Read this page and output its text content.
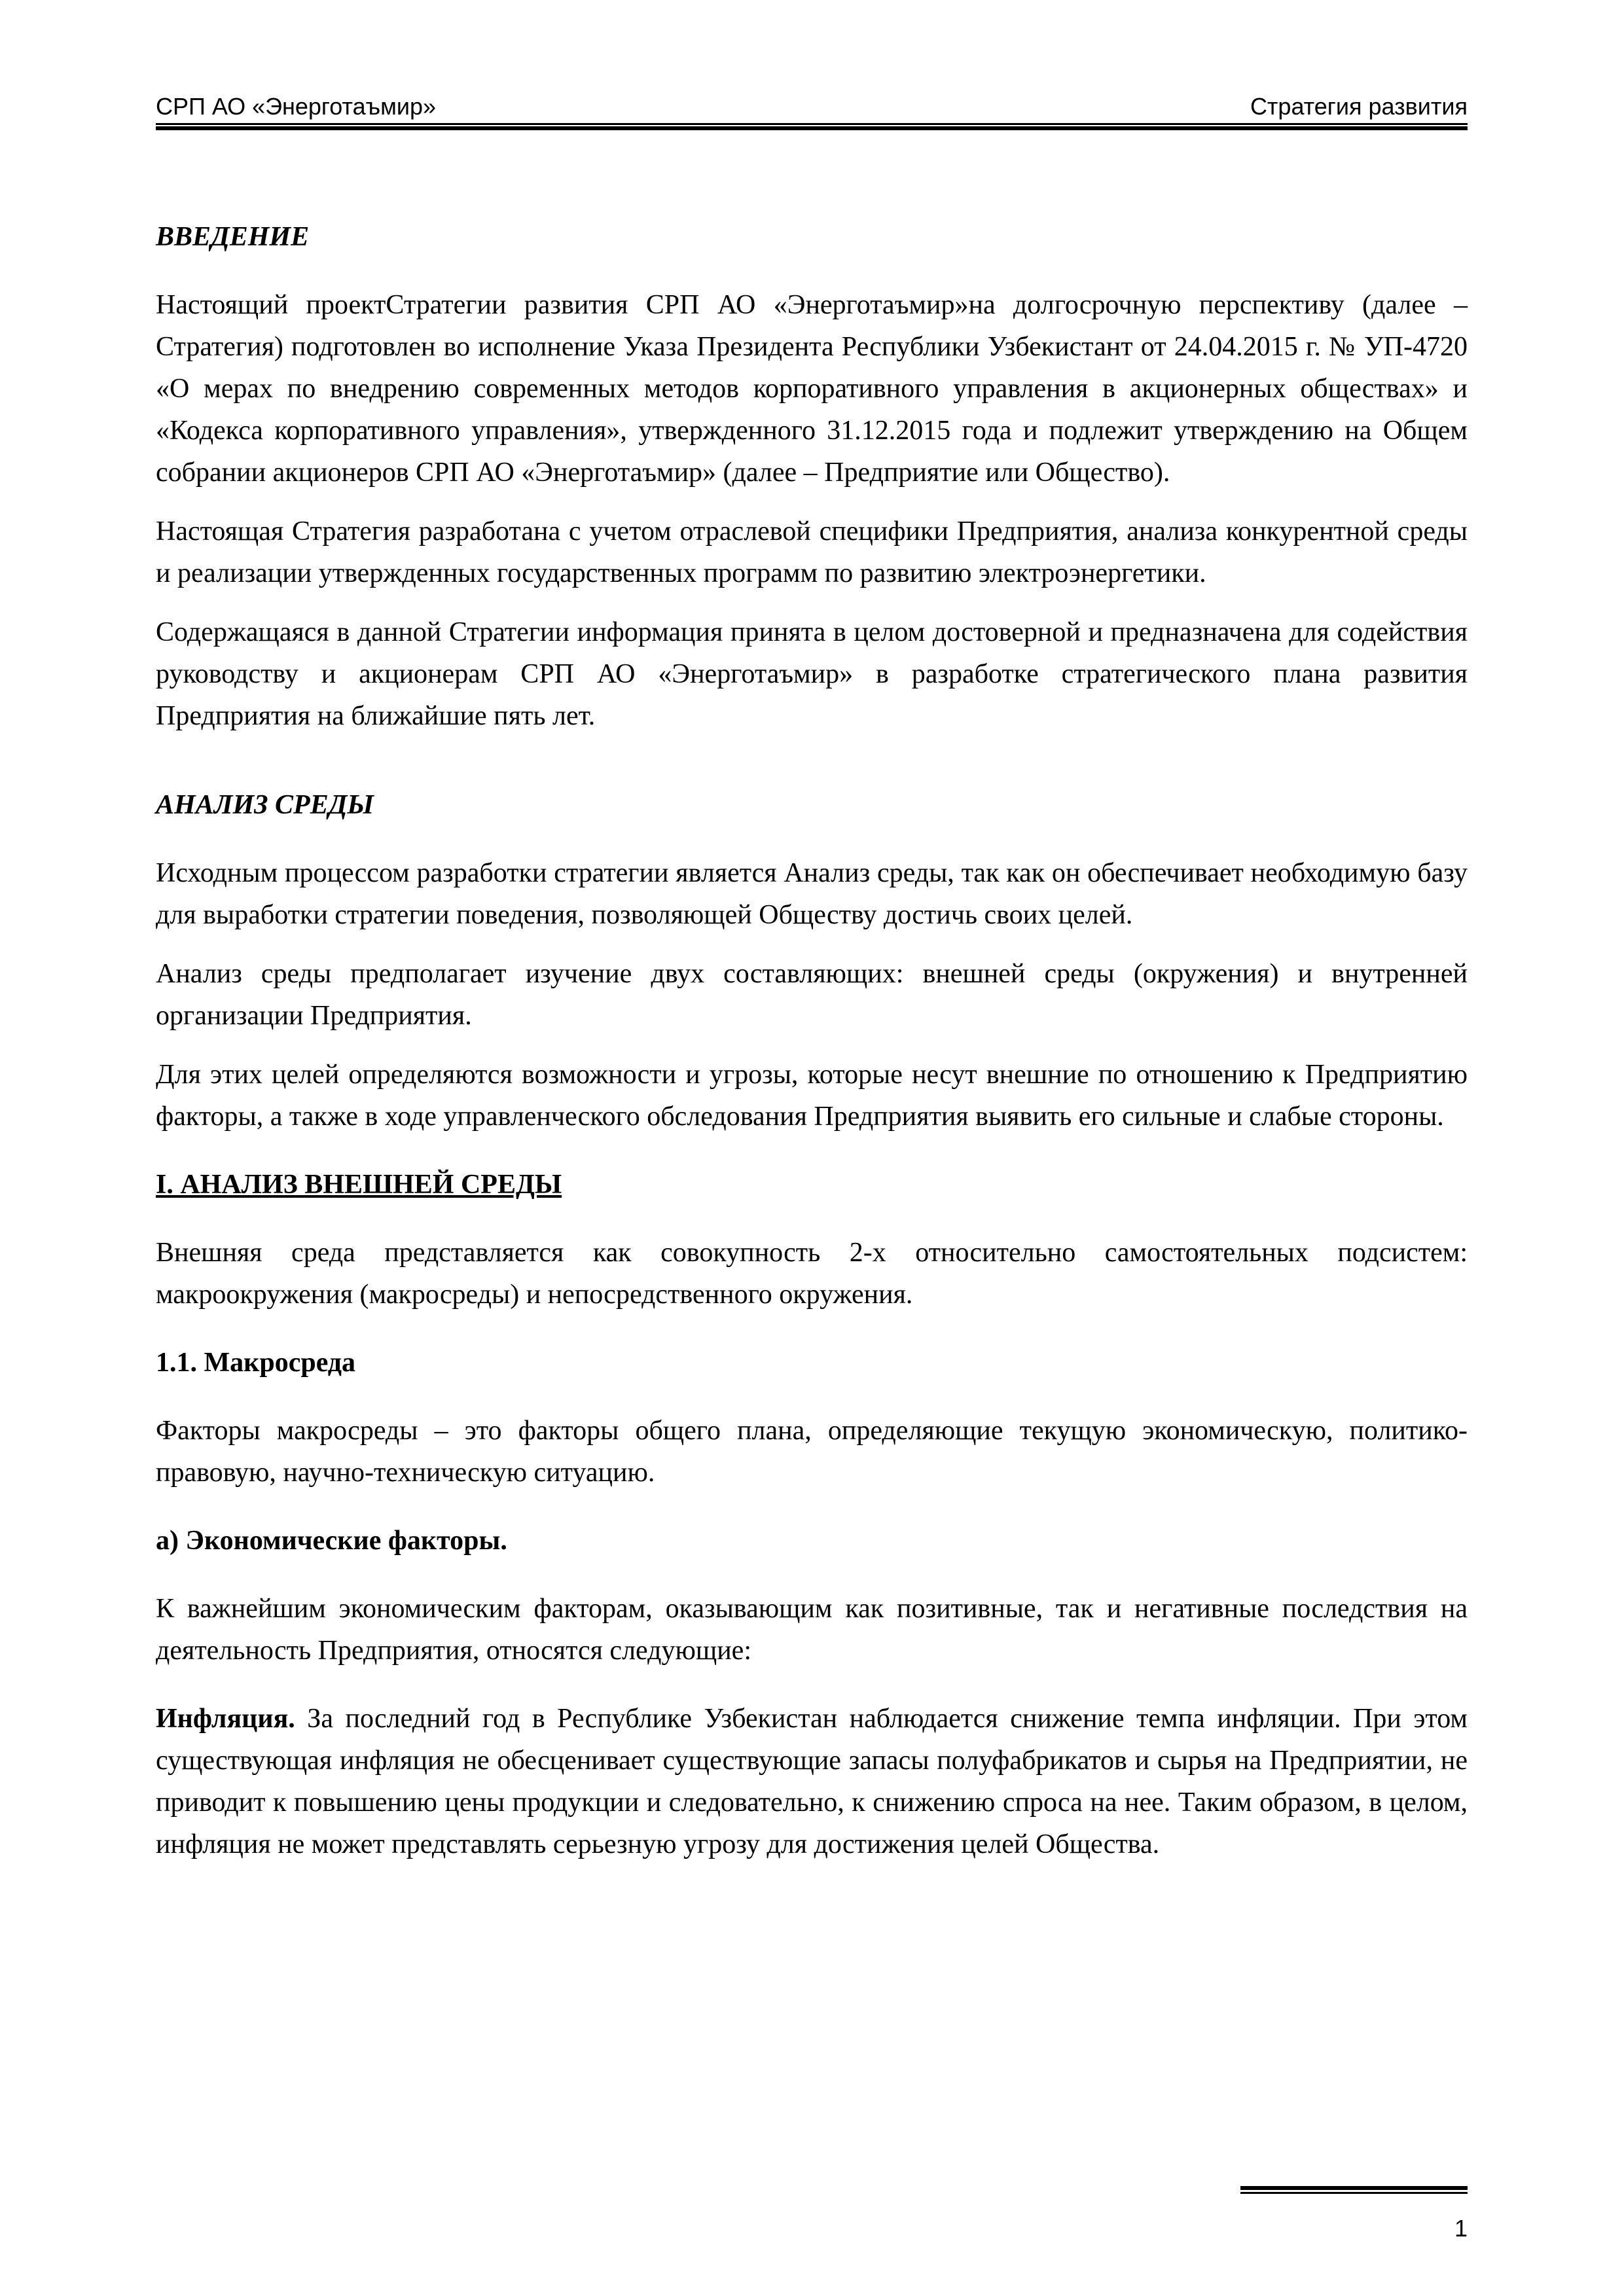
СРП АО «Энерготаъмир»	Стратегия развития
ВВЕДЕНИЕ

Настоящий проектСтратегии развития СРП АО «Энерготаъмир»на долгосрочную перспективу (далее – Стратегия) подготовлен во исполнение Указа Президента Республики Узбекистант от 24.04.2015 г. № УП-4720 «О мерах по внедрению современных методов корпоративного управления в акционерных обществах» и «Кодекса корпоративного управления», утвержденного 31.12.2015 года и подлежит утверждению на Общем собрании акционеров СРП АО «Энерготаъмир» (далее – Предприятие или Общество).

Настоящая Стратегия разработана с учетом отраслевой специфики Предприятия, анализа конкурентной среды и реализации утвержденных государственных программ по развитию электроэнергетики.

Содержащаяся в данной Стратегии информация принята в целом достоверной и предназначена для содействия руководству и акционерам СРП АО «Энерготаъмир» в разработке стратегического плана развития Предприятия на ближайшие пять лет.

АНАЛИЗ СРЕДЫ

Исходным процессом разработки стратегии является Анализ среды, так как он обеспечивает необходимую базу для выработки стратегии поведения, позволяющей Обществу достичь своих целей.

Анализ среды предполагает изучение двух составляющих: внешней среды (окружения) и внутренней организации Предприятия.

Для этих целей определяются возможности и угрозы, которые несут внешние по отношению к Предприятию факторы, а также в ходе управленческого обследования Предприятия выявить его сильные и слабые стороны.

I. АНАЛИЗ ВНЕШНЕЙ СРЕДЫ

Внешняя среда представляется как совокупность 2-х относительно самостоятельных подсистем: макроокружения (макросреды) и непосредственного окружения.

1.1. Макросреда

Факторы макросреды – это факторы общего плана, определяющие текущую экономическую, политико-правовую, научно-техническую ситуацию.

а) Экономические факторы.

К важнейшим экономическим факторам, оказывающим как позитивные, так и негативные последствия на деятельность Предприятия, относятся следующие:

Инфляция. За последний год в Республике Узбекистан наблюдается снижение темпа инфляции. При этом существующая инфляция не обесценивает существующие запасы полуфабрикатов и сырья на Предприятии, не приводит к повышению цены продукции и следовательно, к снижению спроса на нее. Таким образом, в целом, инфляция не может представлять серьезную угрозу для достижения целей Общества.

1
